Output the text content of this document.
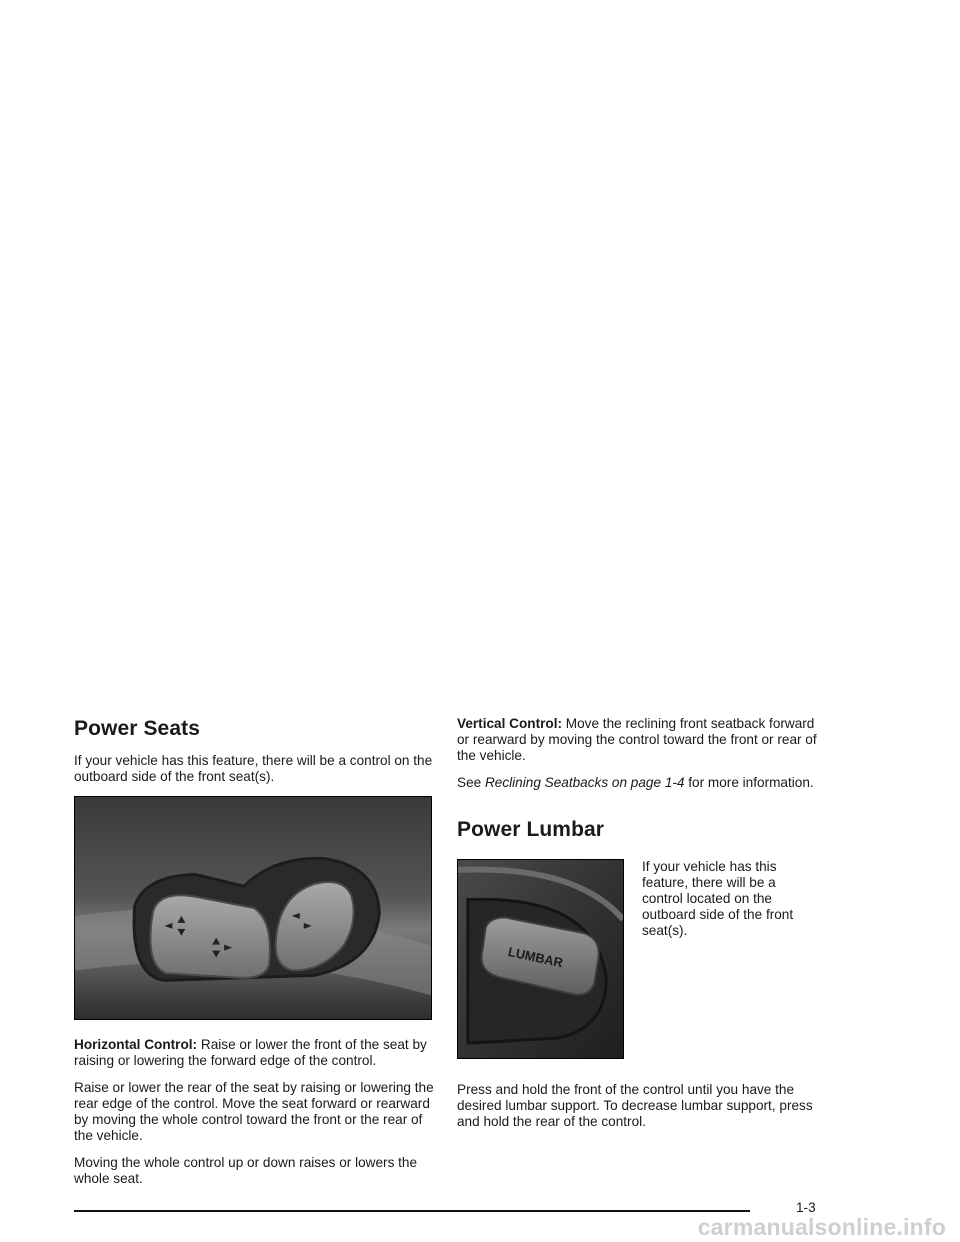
Power Seats

If your vehicle has this feature, there will be a control on the outboard side of the front seat(s).

Horizontal Control: Raise or lower the front of the seat by raising or lowering the forward edge of the control.

Raise or lower the rear of the seat by raising or lowering the rear edge of the control. Move the seat forward or rearward by moving the whole control toward the front or the rear of the vehicle.

Moving the whole control up or down raises or lowers the whole seat.

Vertical Control: Move the reclining front seatback forward or rearward by moving the control toward the front or rear of the vehicle.

See Reclining Seatbacks on page 1-4 for more information.

Power Lumbar
LUMBAR

If your vehicle has this feature, there will be a control located on the outboard side of the front seat(s).

Press and hold the front of the control until you have the desired lumbar support. To decrease lumbar support, press and hold the rear of the control.

1-3
carmanualsonline.info
